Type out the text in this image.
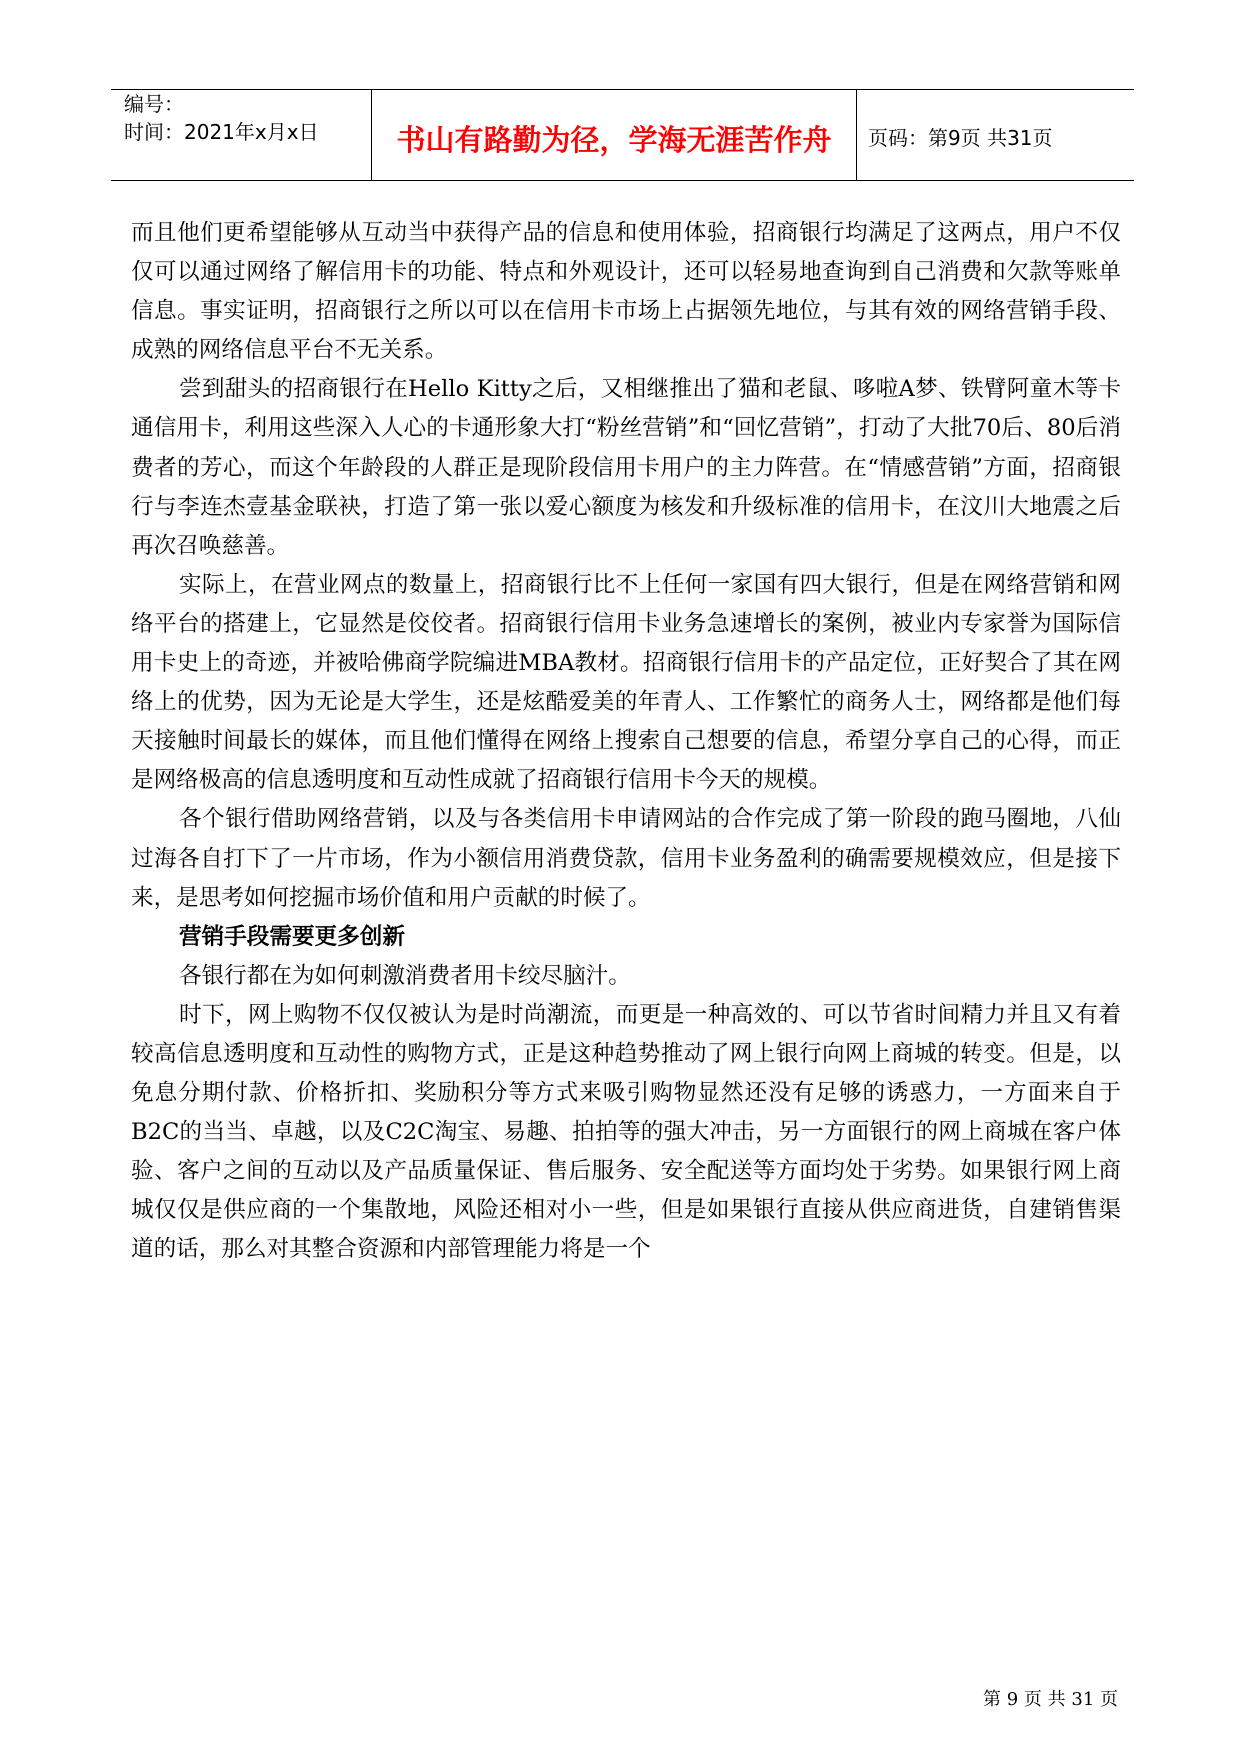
编号：
时间：2021年x月x日	书山有路勤为径，学海无涯苦作舟	页码：第9页 共31页

而且他们更希望能够从互动当中获得产品的信息和使用体验，招商银行均满足了这两点，用户不仅仅可以通过网络了解信用卡的功能、特点和外观设计，还可以轻易地查询到自己消费和欠款等账单信息。事实证明，招商银行之所以可以在信用卡市场上占据领先地位，与其有效的网络营销手段、成熟的网络信息平台不无关系。

尝到甜头的招商银行在Hello Kitty之后，又相继推出了猫和老鼠、哆啦A梦、铁臂阿童木等卡通信用卡，利用这些深入人心的卡通形象大打“粉丝营销”和“回忆营销”，打动了大批70后、80后消费者的芳心，而这个年龄段的人群正是现阶段信用卡用户的主力阵营。在“情感营销”方面，招商银行与李连杰壹基金联袂，打造了第一张以爱心额度为核发和升级标准的信用卡，在汶川大地震之后再次召唤慈善。

实际上，在营业网点的数量上，招商银行比不上任何一家国有四大银行，但是在网络营销和网络平台的搭建上，它显然是佼佼者。招商银行信用卡业务急速增长的案例，被业内专家誉为国际信用卡史上的奇迹，并被哈佛商学院编进MBA教材。招商银行信用卡的产品定位，正好契合了其在网络上的优势，因为无论是大学生，还是炫酷爱美的年青人、工作繁忙的商务人士，网络都是他们每天接触时间最长的媒体，而且他们懂得在网络上搜索自己想要的信息，希望分享自己的心得，而正是网络极高的信息透明度和互动性成就了招商银行信用卡今天的规模。

各个银行借助网络营销，以及与各类信用卡申请网站的合作完成了第一阶段的跑马圈地，八仙过海各自打下了一片市场，作为小额信用消费贷款，信用卡业务盈利的确需要规模效应，但是接下来，是思考如何挖掘市场价值和用户贡献的时候了。

营销手段需要更多创新

各银行都在为如何刺激消费者用卡绞尽脑汁。

时下，网上购物不仅仅被认为是时尚潮流，而更是一种高效的、可以节省时间精力并且又有着较高信息透明度和互动性的购物方式，正是这种趋势推动了网上银行向网上商城的转变。但是，以免息分期付款、价格折扣、奖励积分等方式来吸引购物显然还没有足够的诱惑力，一方面来自于B2C的当当、卓越，以及C2C淘宝、易趣、拍拍等的强大冲击，另一方面银行的网上商城在客户体验、客户之间的互动以及产品质量保证、售后服务、安全配送等方面均处于劣势。如果银行网上商城仅仅是供应商的一个集散地，风险还相对小一些，但是如果银行直接从供应商进货，自建销售渠道的话，那么对其整合资源和内部管理能力将是一个

第 9 页 共 31 页
